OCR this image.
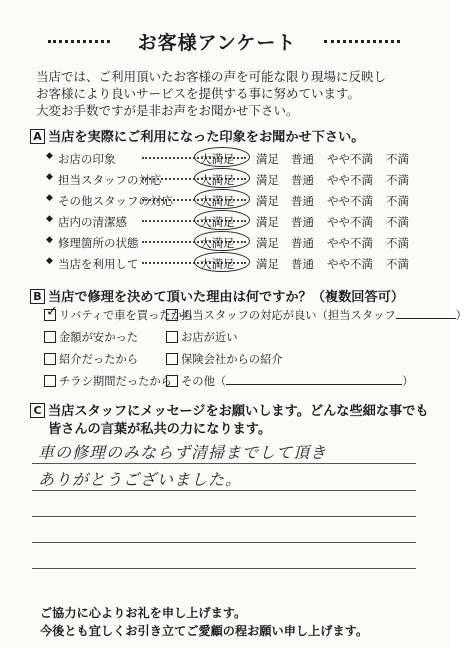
お客様アンケート
当店では、ご利用頂いたお客様の声を可能な限り現場に反映し
お客様により良いサービスを提供する事に努めています。
大変お手数ですが是非お声をお聞かせ下さい。
A 当店を実際にご利用になった印象をお聞かせ下さい。
◆ お店の印象	大満足 満足 普通 やや不満 不満
◆ 担当スタッフの対応	大満足 満足 普通 やや不満 不満
◆ その他スタッフの対応 大満足 満足 普通 やや不満 不満
◆ 店内の清潔感	大満足 満足 普通 やや不満 不満
◆ 修理箇所の状態	大満足 満足 普通 やや不満 不満
◆ 当店を利用して	大満足 満足 普通 やや不満 不満
B 当店で修理を決めて頂いた理由は何ですか？（複数回答可）
✓ リバティで車を買ったから
金額が安かった
紹介だったから
チラシ期間だったから
担当スタッフの対応が良い（担当スタッフ	）
お店が近い
保険会社からの紹介
その他（	）
C 当店スタッフにメッセージをお願いします。どんな些細な事でも
皆さんの言葉が私共の力になります。
車の修理のみならず清掃までして頂き
ありがとうございました。
ご協力に心よりお礼を申し上げます。
今後とも宜しくお引き立てご愛顧の程お願い申し上げます。
